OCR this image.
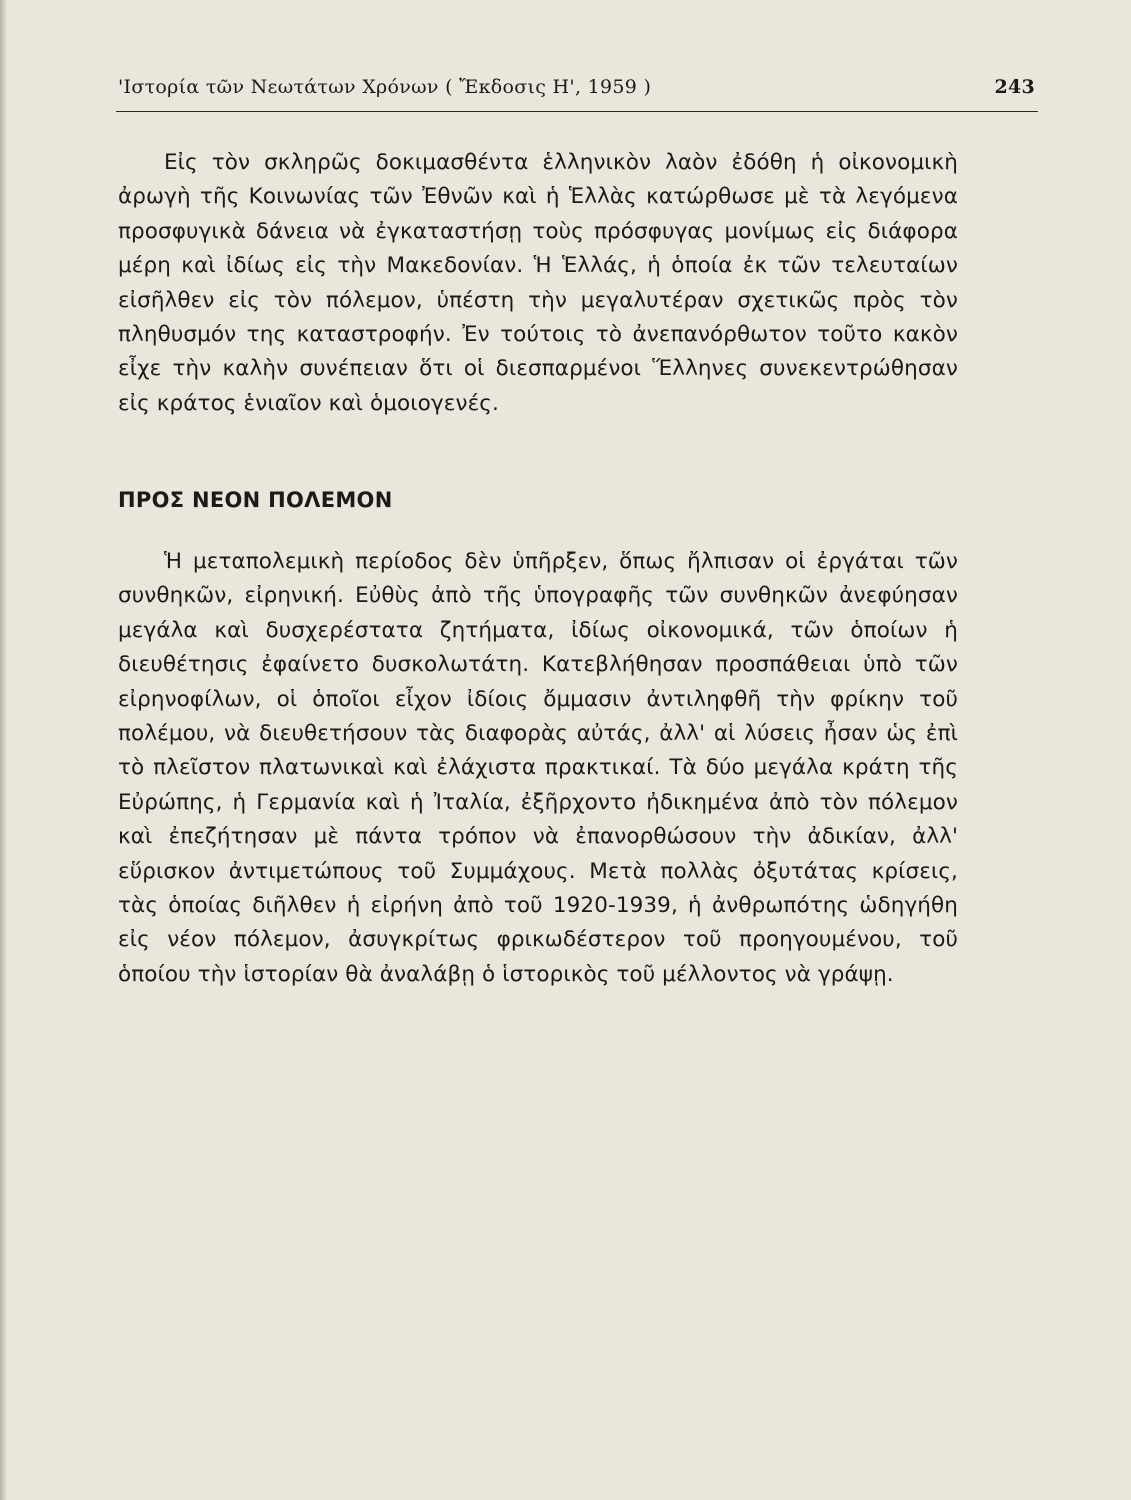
'Ιστορία τῶν Νεωτάτων Χρόνων ( Ἔκδοσις Η', 1959 )	243

Εἰς τὸν σκληρῶς δοκιμασθέντα ἑλληνικὸν λαὸν ἐδόθη ἡ οἰκονομικὴ ἀρωγὴ τῆς Κοινωνίας τῶν Ἐθνῶν καὶ ἡ Ἑλλὰς κατώρθωσε μὲ τὰ λεγόμενα προσφυγικὰ δάνεια νὰ ἐγκαταστήσῃ τοὺς πρόσφυγας μονίμως εἰς διάφορα μέρη καὶ ἰδίως εἰς τὴν Μακεδονίαν. Ἡ Ἑλλάς, ἡ ὁποία ἐκ τῶν τελευταίων εἰσῆλθεν εἰς τὸν πόλεμον, ὑπέστη τὴν μεγαλυτέραν σχετικῶς πρὸς τὸν πληθυσμόν της καταστροφήν. Ἐν τούτοις τὸ ἀνεπανόρθωτον τοῦτο κακὸν εἶχε τὴν καλὴν συνέπειαν ὅτι οἱ διεσπαρμένοι Ἕλληνες συνεκεντρώθησαν εἰς κράτος ἑνιαῖον καὶ ὁμοιογενές.

ΠΡΟΣ ΝΕΟΝ ΠΟΛΕΜΟΝ

Ἡ μεταπολεμικὴ περίοδος δὲν ὑπῆρξεν, ὅπως ἤλπισαν οἱ ἐργάται τῶν συνθηκῶν, εἰρηνική. Εὐθὺς ἀπὸ τῆς ὑπογραφῆς τῶν συνθηκῶν ἀνεφύησαν μεγάλα καὶ δυσχερέστατα ζητήματα, ἰδίως οἰκονομικά, τῶν ὁποίων ἡ διευθέτησις ἐφαίνετο δυσκολωτάτη. Κατεβλήθησαν προσπάθειαι ὑπὸ τῶν εἰρηνοφίλων, οἱ ὁποῖοι εἶχον ἰδίοις ὄμμασιν ἀντιληφθῆ τὴν φρίκην τοῦ πολέμου, νὰ διευθετήσουν τὰς διαφορὰς αὐτάς, ἀλλ' αἱ λύσεις ἦσαν ὡς ἐπὶ τὸ πλεῖστον πλατωνικαὶ καὶ ἐλάχιστα πρακτικαί. Τὰ δύο μεγάλα κράτη τῆς Εὐρώπης, ἡ Γερμανία καὶ ἡ Ἰταλία, ἐξῆρχοντο ἠδικημένα ἀπὸ τὸν πόλεμον καὶ ἐπεζήτησαν μὲ πάντα τρόπον νὰ ἐπανορθώσουν τὴν ἀδικίαν, ἀλλ' εὕρισκον ἀντιμετώπους τοῦ Συμμάχους. Μετὰ πολλὰς ὀξυτάτας κρίσεις, τὰς ὁποίας διῆλθεν ἡ εἰρήνη ἀπὸ τοῦ 1920-1939, ἡ ἀνθρωπότης ὡδηγήθη εἰς νέον πόλεμον, ἀσυγκρίτως φρικωδέστερον τοῦ προηγουμένου, τοῦ ὁποίου τὴν ἱστορίαν θὰ ἀναλάβῃ ὁ ἱστορικὸς τοῦ μέλλοντος νὰ γράψῃ.
